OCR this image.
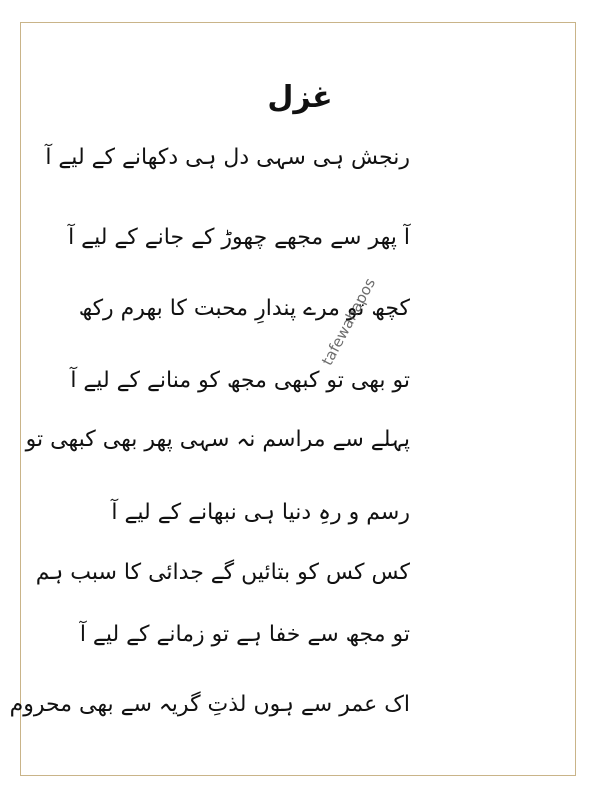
غزل
رنجش ہی سہی دل ہی دکھانے کے لیے آ
آ پھر سے مجھے چھوڑ کے جانے کے لیے آ
کچھ تو مرے پندارِ محبت کا بھرم رکھ
تو بھی تو کبھی مجھ کو منانے کے لیے آ
پہلے سے مراسم نہ سہی پھر بھی کبھی تو
رسم و رہِ دنیا ہی نبھانے کے لیے آ
کس کس کو بتائیں گے جدائی کا سبب ہم
تو مجھ سے خفا ہے تو زمانے کے لیے آ
اک عمر سے ہوں لذتِ گریہ سے بھی محروم
tafewahapos
